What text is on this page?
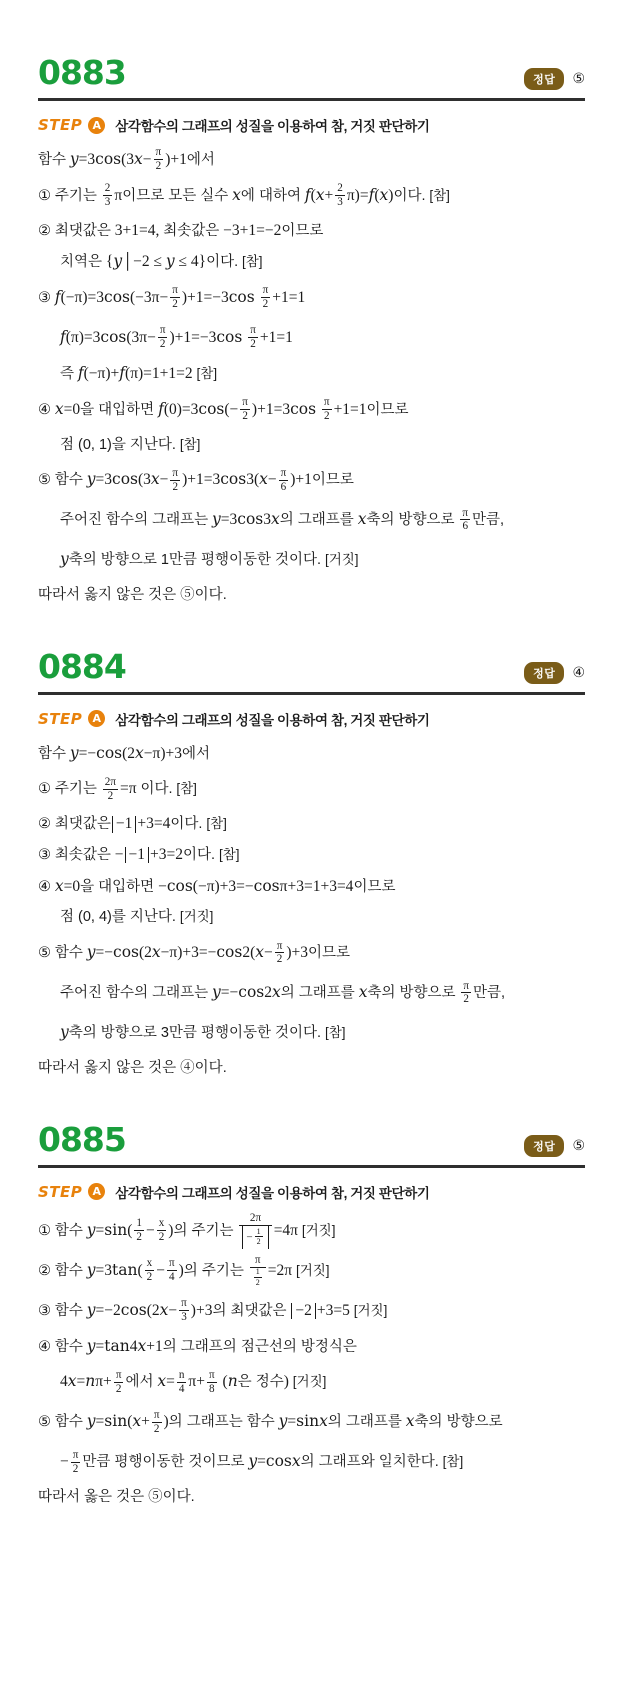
0883	정답	⑤
STEP A	삼각함수의 그래프의 성질을 이용하여 참, 거짓 판단하기
함수 $y=3\cos(3x- \frac{\pi}{2} )+1$에서
① 주기는 $\frac{2}{3}$ π이므로 모든 실수 x에 대하여 $f(x+ \frac{2}{3} \pi)=f(x)$이다. [참]
② 최댓값은 3+1=4, 최솟값은 −3+1=−2이므로
치역은 {y│−2 ≤ y ≤ 4}이다. [참]
③ $f(-\pi)=3\cos(-3\pi- \frac{\pi}{2} )+1=-3\cos \frac{\pi}{2} +1=1$
$f(\pi)=3\cos(3\pi- \frac{\pi}{2} )+1=-3\cos \frac{\pi}{2} +1=1$
즉 f(−π)+f(π)=1+1=2 [참]
④ x=0을 대입하면 $f(0)=3\cos(- \frac{\pi}{2} )+1=3\cos \frac{\pi}{2} +1=1$이므로
점 (0, 1)을 지난다. [참]
⑤ 함수 $y=3\cos(3x- \frac{\pi}{2} )+1=3\cos 3(x- \frac{\pi}{6} )+1$이므로
주어진 함수의 그래프는 y=3cos3x의 그래프를 x축의 방향으로 $\frac{\pi}{6}$ 만큼,
y축의 방향으로 1만큼 평행이동한 것이다. [거짓]
따라서 옳지 않은 것은 ⑤이다.
0884	정답	④
STEP A	삼각함수의 그래프의 성질을 이용하여 참, 거짓 판단하기
함수 y=−cos(2x−π)+3에서
① 주기는 $\frac{2\pi}{2} =\pi$ 이다. [참]
② 최댓값은 −1 +3=4이다. [참]
③ 최솟값은 − −1 +3=2이다. [참]
④ x=0을 대입하면 −cos(−π)+3=−cosπ+3=1+3=4이므로
점 (0, 4)를 지난다. [거짓]
⑤ 함수 $y=-\cos(2x-\pi)+3=-\cos 2(x- \frac{\pi}{2} )+3$이므로
주어진 함수의 그래프는 y=−cos2x의 그래프를 x축의 방향으로 $\frac{\pi}{2}$ 만큼,
y축의 방향으로 3만큼 평행이동한 것이다. [참]
따라서 옳지 않은 것은 ④이다.
0885	정답	⑤
STEP A	삼각함수의 그래프의 성질을 이용하여 참, 거짓 판단하기
① 함수 $y=\sin( \frac{1}{2} - \frac{x}{2}$ )의 주기는 $\frac{2\pi}{- \frac{1}{2}} =4\pi$ [거짓]
② 함수 $y=3\tan( \frac{x}{2} - \frac{\pi}{4}$ )의 주기는 $\frac{\pi}{\frac{1}{2}} =2\pi$ [거짓]
③ 함수 $y=-2\cos(2x- \frac{\pi}{3} )+3$의 최댓값은 −2 +3=5 [거짓]
④ 함수 y=tan4x+1의 그래프의 점근선의 방정식은
$4x=n\pi+ \frac{\pi}{2}$ 에서 $x= \frac{n}{4} \pi+ \frac{\pi}{8} (n$은 정수) [거짓]
⑤ 함수 $y=\sin(x+ \frac{\pi}{2}$ )의 그래프는 함수 y=sinx의 그래프를 x축의 방향으로
− $\frac{\pi}{2}$ 만큼 평행이동한 것이므로 y=cosx의 그래프와 일치한다. [참]
따라서 옳은 것은 ⑤이다.
